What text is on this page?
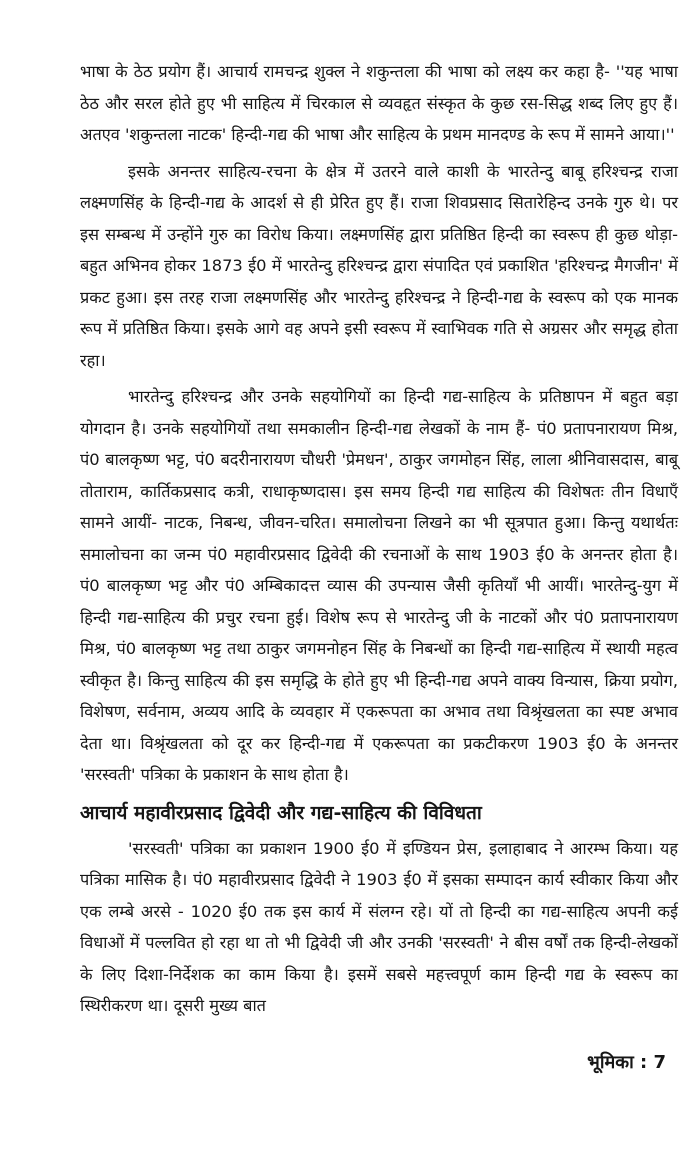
भाषा के ठेठ प्रयोग हैं। आचार्य रामचन्द्र शुक्ल ने शकुन्तला की भाषा को लक्ष्य कर कहा है- ''यह भाषा ठेठ और सरल होते हुए भी साहित्य में चिरकाल से व्यवहृत संस्कृत के कुछ रस-सिद्ध शब्द लिए हुए हैं। अतएव 'शकुन्तला नाटक' हिन्दी-गद्य की भाषा और साहित्य के प्रथम मानदण्ड के रूप में सामने आया।''

इसके अनन्तर साहित्य-रचना के क्षेत्र में उतरने वाले काशी के भारतेन्दु बाबू हरिश्चन्द्र राजा लक्ष्मणसिंह के हिन्दी-गद्य के आदर्श से ही प्रेरित हुए हैं। राजा शिवप्रसाद सितारेहिन्द उनके गुरु थे। पर इस सम्बन्ध में उन्होंने गुरु का विरोध किया। लक्ष्मणसिंह द्वारा प्रतिष्ठित हिन्दी का स्वरूप ही कुछ थोड़ा-बहुत अभिनव होकर 1873 ई0 में भारतेन्दु हरिश्चन्द्र द्वारा संपादित एवं प्रकाशित 'हरिश्चन्द्र मैगजीन' में प्रकट हुआ। इस तरह राजा लक्ष्मणसिंह और भारतेन्दु हरिश्चन्द्र ने हिन्दी-गद्य के स्वरूप को एक मानक रूप में प्रतिष्ठित किया। इसके आगे वह अपने इसी स्वरूप में स्वाभिवक गति से अग्रसर और समृद्ध होता रहा।

भारतेन्दु हरिश्चन्द्र और उनके सहयोगियों का हिन्दी गद्य-साहित्य के प्रतिष्ठापन में बहुत बड़ा योगदान है। उनके सहयोगियों तथा समकालीन हिन्दी-गद्य लेखकों के नाम हैं- पं0 प्रतापनारायण मिश्र, पं0 बालकृष्ण भट्ट, पं0 बदरीनारायण चौधरी 'प्रेमधन', ठाकुर जगमोहन सिंह, लाला श्रीनिवासदास, बाबू तोताराम, कार्तिकप्रसाद कत्री, राधाकृष्णदास। इस समय हिन्दी गद्य साहित्य की विशेषतः तीन विधाएँ सामने आयीं- नाटक, निबन्ध, जीवन-चरित। समालोचना लिखने का भी सूत्रपात हुआ। किन्तु यथार्थतः समालोचना का जन्म पं0 महावीरप्रसाद द्विवेदी की रचनाओं के साथ 1903 ई0 के अनन्तर होता है। पं0 बालकृष्ण भट्ट और पं0 अम्बिकादत्त व्यास की उपन्यास जैसी कृतियाँ भी आयीं। भारतेन्दु-युग में हिन्दी गद्य-साहित्य की प्रचुर रचना हुई। विशेष रूप से भारतेन्दु जी के नाटकों और पं0 प्रतापनारायण मिश्र, पं0 बालकृष्ण भट्ट तथा ठाकुर जगमनोहन सिंह के निबन्धों का हिन्दी गद्य-साहित्य में स्थायी महत्व स्वीकृत है। किन्तु साहित्य की इस समृद्धि के होते हुए भी हिन्दी-गद्य अपने वाक्य विन्यास, क्रिया प्रयोग, विशेषण, सर्वनाम, अव्यय आदि के व्यवहार में एकरूपता का अभाव तथा विश्रृंखलता का स्पष्ट अभाव देता था। विश्रृंखलता को दूर कर हिन्दी-गद्य में एकरूपता का प्रकटीकरण 1903 ई0 के अनन्तर 'सरस्वती' पत्रिका के प्रकाशन के साथ होता है।

आचार्य महावीरप्रसाद द्विवेदी और गद्य-साहित्य की विविधता

'सरस्वती' पत्रिका का प्रकाशन 1900 ई0 में इण्डियन प्रेस, इलाहाबाद ने आरम्भ किया। यह पत्रिका मासिक है। पं0 महावीरप्रसाद द्विवेदी ने 1903 ई0 में इसका सम्पादन कार्य स्वीकार किया और एक लम्बे अरसे - 1020 ई0 तक इस कार्य में संलग्न रहे। यों तो हिन्दी का गद्य-साहित्य अपनी कई विधाओं में पल्लवित हो रहा था तो भी द्विवेदी जी और उनकी 'सरस्वती' ने बीस वर्षों तक हिन्दी-लेखकों के लिए दिशा-निर्देशक का काम किया है। इसमें सबसे महत्त्वपूर्ण काम हिन्दी गद्य के स्वरूप का स्थिरीकरण था। दूसरी मुख्य बात

भूमिका : 7
